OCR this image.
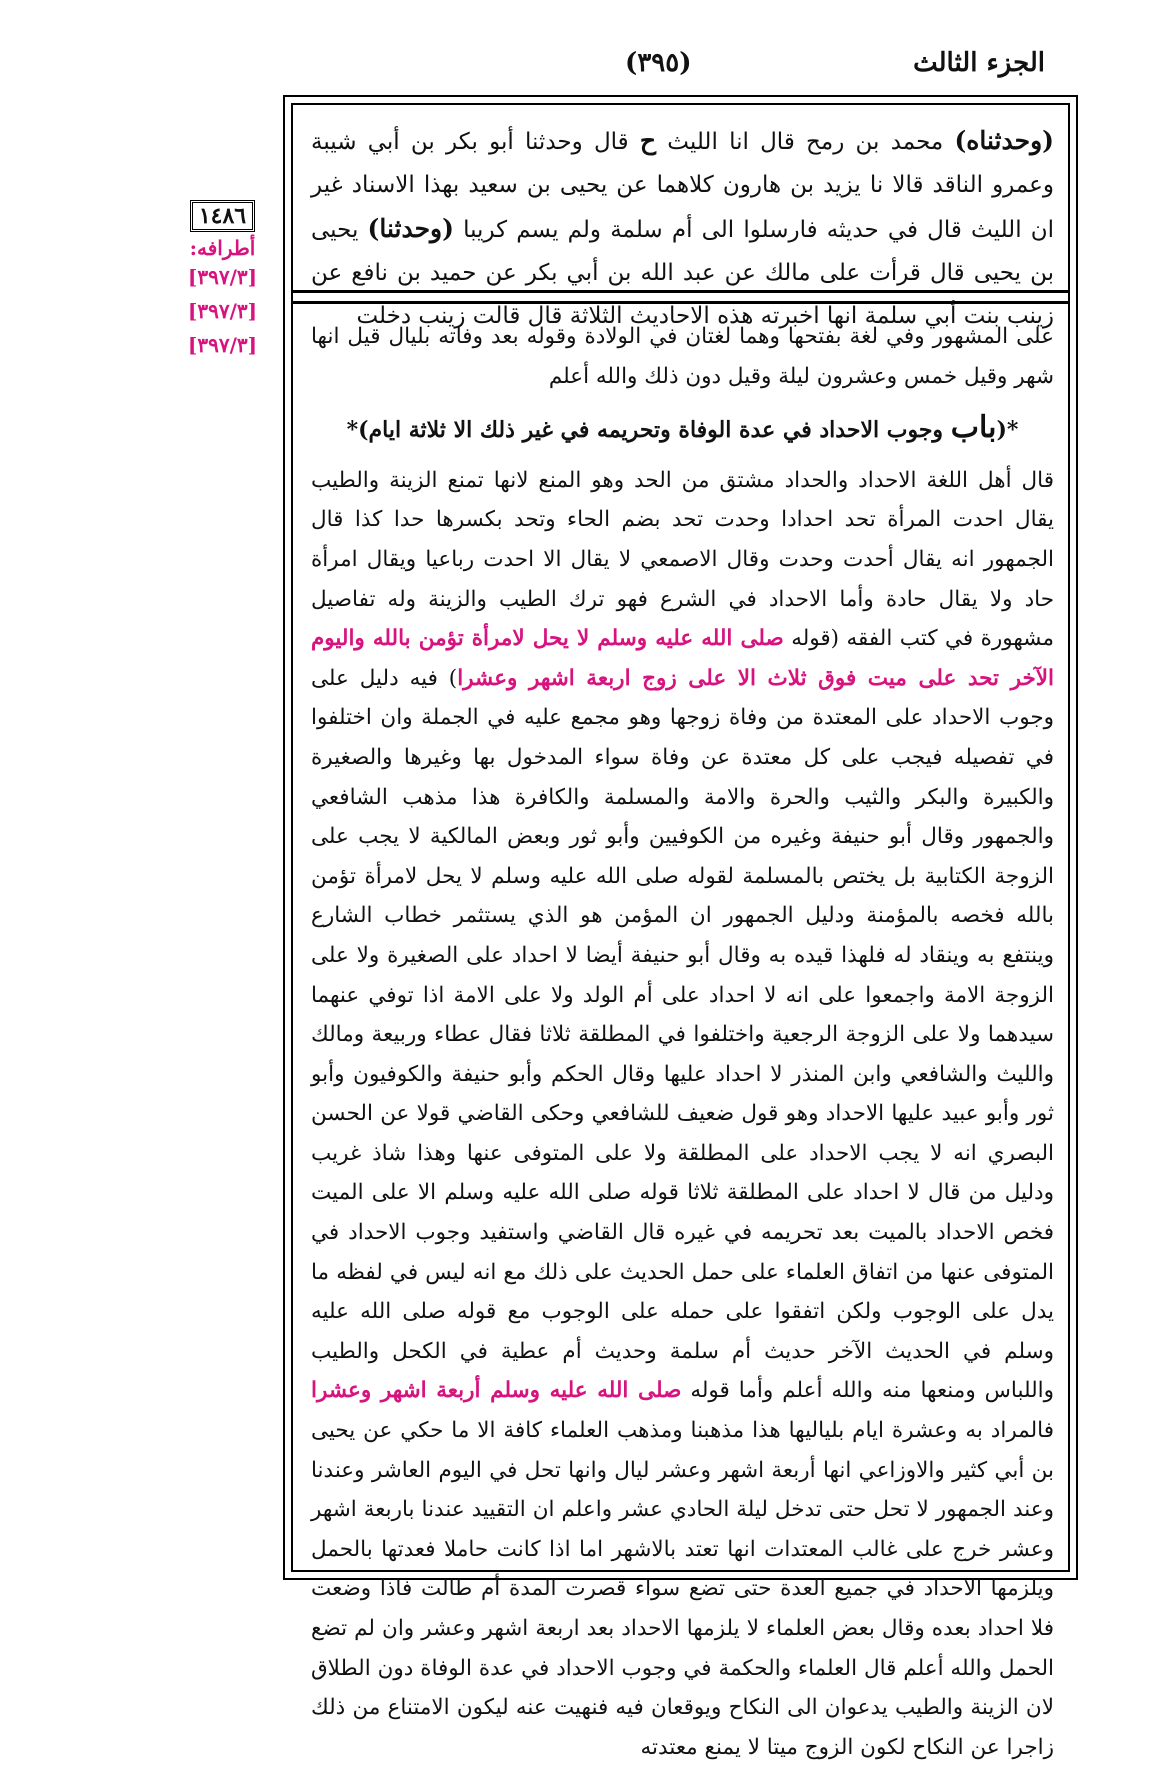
(٣٩٥)	الجزء الثالث
١٤٨٦
أطرافه:
[٣٩٧/٣]
[٣٩٧/٣]
[٣٩٧/٣]
(وحدثناه) محمد بن رمح قال انا الليث ح قال وحدثنا أبو بكر بن أبي شيبة وعمرو الناقد قالا نا يزيد بن هارون كلاهما عن يحيى بن سعيد بهذا الاسناد غير ان الليث قال في حديثه فارسلوا الى أم سلمة ولم يسم كريبا (وحدثنا) يحيى بن يحيى قال قرأت على مالك عن عبد الله بن أبي بكر عن حميد بن نافع عن زينب بنت أبي سلمة انها اخبرته هذه الاحاديث الثلاثة قال قالت زينب دخلت

على المشهور وفي لغة بفتحها وهما لغتان في الولادة وقوله بعد وفاته بليال قيل انها شهر وقيل خمس وعشرون ليلة وقيل دون ذلك والله أعلم

*(باب وجوب الاحداد في عدة الوفاة وتحريمه في غير ذلك الا ثلاثة ايام)*

قال أهل اللغة الاحداد والحداد مشتق من الحد وهو المنع لانها تمنع الزينة والطيب يقال احدت المرأة تحد احدادا وحدت تحد بضم الحاء وتحد بكسرها حدا كذا قال الجمهور انه يقال أحدت وحدت وقال الاصمعي لا يقال الا احدت رباعيا ويقال امرأة حاد ولا يقال حادة وأما الاحداد في الشرع فهو ترك الطيب والزينة وله تفاصيل مشهورة في كتب الفقه (قوله صلى الله عليه وسلم لا يحل لامرأة تؤمن بالله واليوم الآخر تحد على ميت فوق ثلاث الا على زوج اربعة اشهر وعشرا) فيه دليل على وجوب الاحداد على المعتدة من وفاة زوجها وهو مجمع عليه في الجملة وان اختلفوا في تفصيله فيجب على كل معتدة عن وفاة سواء المدخول بها وغيرها والصغيرة والكبيرة والبكر والثيب والحرة والامة والمسلمة والكافرة هذا مذهب الشافعي والجمهور وقال أبو حنيفة وغيره من الكوفيين وأبو ثور وبعض المالكية لا يجب على الزوجة الكتابية بل يختص بالمسلمة لقوله صلى الله عليه وسلم لا يحل لامرأة تؤمن بالله فخصه بالمؤمنة ودليل الجمهور ان المؤمن هو الذي يستثمر خطاب الشارع وينتفع به وينقاد له فلهذا قيده به وقال أبو حنيفة أيضا لا احداد على الصغيرة ولا على الزوجة الامة واجمعوا على انه لا احداد على أم الولد ولا على الامة اذا توفي عنهما سيدهما ولا على الزوجة الرجعية واختلفوا في المطلقة ثلاثا فقال عطاء وربيعة ومالك والليث والشافعي وابن المنذر لا احداد عليها وقال الحكم وأبو حنيفة والكوفيون وأبو ثور وأبو عبيد عليها الاحداد وهو قول ضعيف للشافعي وحكى القاضي قولا عن الحسن البصري انه لا يجب الاحداد على المطلقة ولا على المتوفى عنها وهذا شاذ غريب ودليل من قال لا احداد على المطلقة ثلاثا قوله صلى الله عليه وسلم الا على الميت فخص الاحداد بالميت بعد تحريمه في غيره قال القاضي واستفيد وجوب الاحداد في المتوفى عنها من اتفاق العلماء على حمل الحديث على ذلك مع انه ليس في لفظه ما يدل على الوجوب ولكن اتفقوا على حمله على الوجوب مع قوله صلى الله عليه وسلم في الحديث الآخر حديث أم سلمة وحديث أم عطية في الكحل والطيب واللباس ومنعها منه والله أعلم وأما قوله صلى الله عليه وسلم أربعة اشهر وعشرا فالمراد به وعشرة ايام بلياليها هذا مذهبنا ومذهب العلماء كافة الا ما حكي عن يحيى بن أبي كثير والاوزاعي انها أربعة اشهر وعشر ليال وانها تحل في اليوم العاشر وعندنا وعند الجمهور لا تحل حتى تدخل ليلة الحادي عشر واعلم ان التقييد عندنا باربعة اشهر وعشر خرج على غالب المعتدات انها تعتد بالاشهر اما اذا كانت حاملا فعدتها بالحمل ويلزمها الاحداد في جميع العدة حتى تضع سواء قصرت المدة أم طالت فاذا وضعت فلا احداد بعده وقال بعض العلماء لا يلزمها الاحداد بعد اربعة اشهر وعشر وان لم تضع الحمل والله أعلم قال العلماء والحكمة في وجوب الاحداد في عدة الوفاة دون الطلاق لان الزينة والطيب يدعوان الى النكاح ويوقعان فيه فنهيت عنه ليكون الامتناع من ذلك زاجرا عن النكاح لكون الزوج ميتا لا يمنع معتدته
